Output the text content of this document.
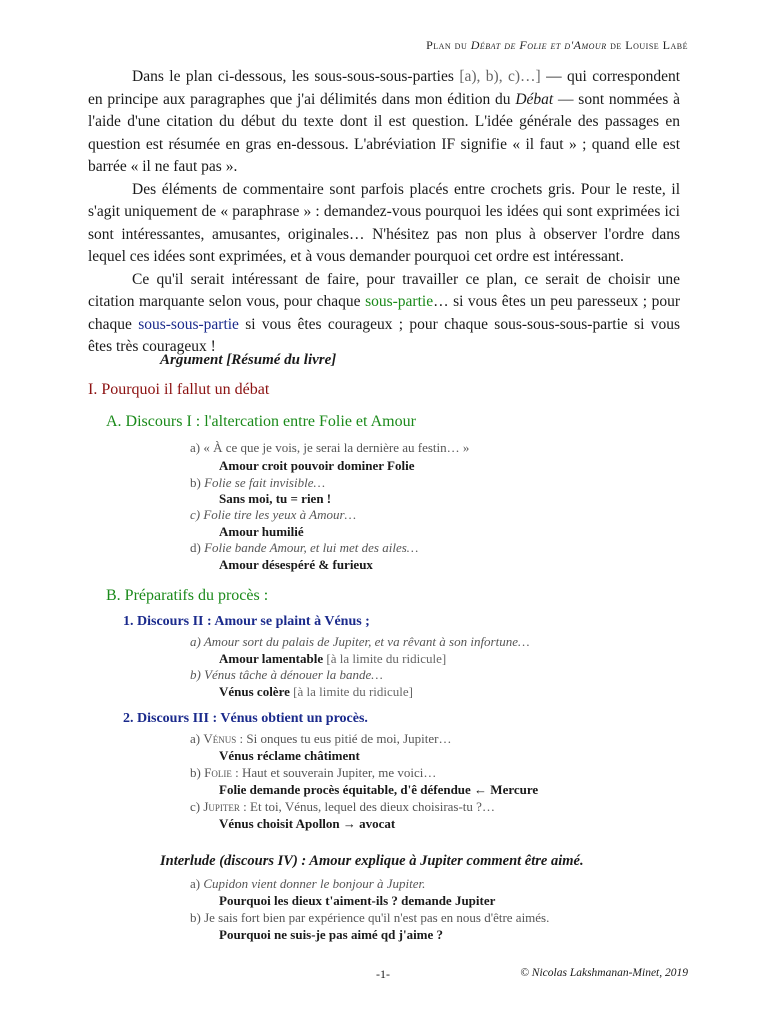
Plan du Débat de Folie et d'Amour de Louise Labé

Dans le plan ci-dessous, les sous-sous-sous-parties [a), b), c)…] — qui correspondent en principe aux paragraphes que j'ai délimités dans mon édition du Débat — sont nommées à l'aide d'une citation du début du texte dont il est question. L'idée générale des passages en question est résumée en gras en-dessous. L'abréviation IF signifie « il faut » ; quand elle est barrée « il ne faut pas ».

Des éléments de commentaire sont parfois placés entre crochets gris. Pour le reste, il s'agit uniquement de « paraphrase » : demandez-vous pourquoi les idées qui sont exprimées ici sont intéressantes, amusantes, originales… N'hésitez pas non plus à observer l'ordre dans lequel ces idées sont exprimées, et à vous demander pourquoi cet ordre est intéressant.

Ce qu'il serait intéressant de faire, pour travailler ce plan, ce serait de choisir une citation marquante selon vous, pour chaque sous-partie… si vous êtes un peu paresseux ; pour chaque sous-sous-partie si vous êtes courageux ; pour chaque sous-sous-sous-partie si vous êtes très courageux !

Argument [Résumé du livre]
I. Pourquoi il fallut un débat
A. Discours I : l'altercation entre Folie et Amour
a) « À ce que je vois, je serai la dernière au festin… »
Amour croit pouvoir dominer Folie
b) Folie se fait invisible…
Sans moi, tu = rien !
c) Folie tire les yeux à Amour…
Amour humilié
d) Folie bande Amour, et lui met des ailes…
Amour désespéré & furieux
B. Préparatifs du procès :
1. Discours II : Amour se plaint à Vénus ;
a) Amour sort du palais de Jupiter, et va rêvant à son infortune…
Amour lamentable [à la limite du ridicule]
b) Vénus tâche à dénouer la bande…
Vénus colère [à la limite du ridicule]
2. Discours III : Vénus obtient un procès.
a) Vénus : Si onques tu eus pitié de moi, Jupiter…
Vénus réclame châtiment
b) Folie : Haut et souverain Jupiter, me voici…
Folie demande procès équitable, d'ê défendue ← Mercure
c) Jupiter : Et toi, Vénus, lequel des dieux choisiras-tu ?…
Vénus choisit Apollon → avocat
Interlude (discours IV) : Amour explique à Jupiter comment être aimé.
a) Cupidon vient donner le bonjour à Jupiter.
Pourquoi les dieux t'aiment-ils ? demande Jupiter
b) Je sais fort bien par expérience qu'il n'est pas en nous d'être aimés.
Pourquoi ne suis-je pas aimé qd j'aime ?
-1-	© Nicolas Lakshmanan-Minet, 2019
